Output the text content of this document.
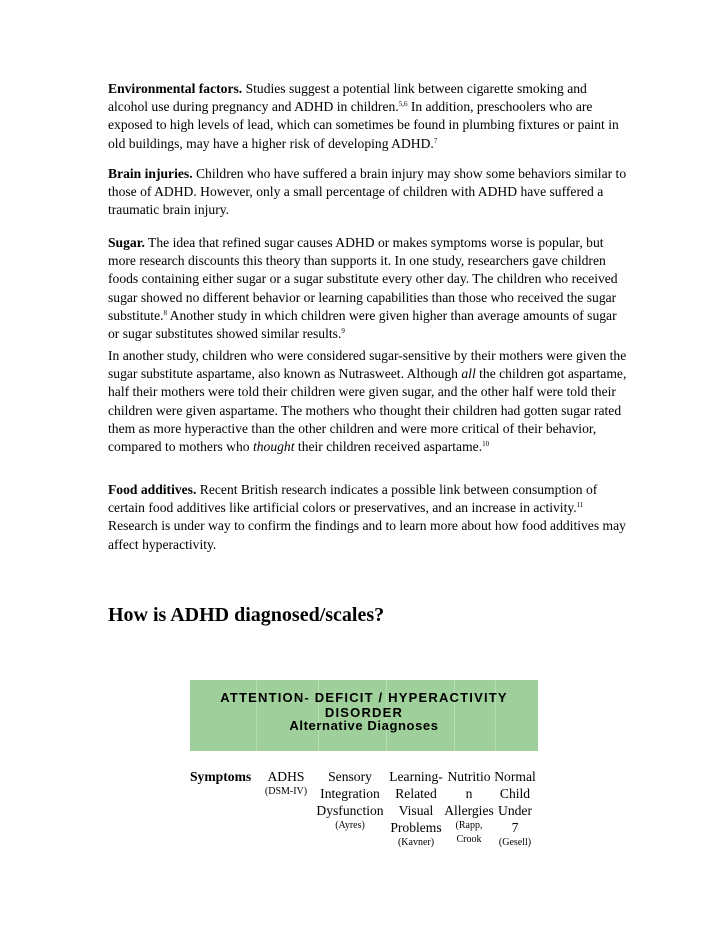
Environmental factors. Studies suggest a potential link between cigarette smoking and alcohol use during pregnancy and ADHD in children.$^{5,6}$ In addition, preschoolers who are exposed to high levels of lead, which can sometimes be found in plumbing fixtures or paint in old buildings, may have a higher risk of developing ADHD.$^7$

Brain injuries. Children who have suffered a brain injury may show some behaviors similar to those of ADHD. However, only a small percentage of children with ADHD have suffered a traumatic brain injury.

Sugar. The idea that refined sugar causes ADHD or makes symptoms worse is popular, but more research discounts this theory than supports it. In one study, researchers gave children foods containing either sugar or a sugar substitute every other day. The children who received sugar showed no different behavior or learning capabilities than those who received the sugar substitute.$^8$ Another study in which children were given higher than average amounts of sugar or sugar substitutes showed similar results.$^9$

In another study, children who were considered sugar-sensitive by their mothers were given the sugar substitute aspartame, also known as Nutrasweet. Although all the children got aspartame, half their mothers were told their children were given sugar, and the other half were told their children were given aspartame. The mothers who thought their children had gotten sugar rated them as more hyperactive than the other children and were more critical of their behavior, compared to mothers who thought their children received aspartame.$^{10}$

Food additives. Recent British research indicates a possible link between consumption of certain food additives like artificial colors or preservatives, and an increase in activity.$^{11}$ Research is under way to confirm the findings and to learn more about how food additives may affect hyperactivity.

How is ADHD diagnosed/scales?
ATTENTION- DEFICIT / HYPERACTIVITY
DISORDER
Alternative Diagnoses
Symptoms	ADHS
(DSM-IV)
Sensory
Integration
Dysfunction
(Ayres)
Learning-
Related
Visual
Problems
(Kavner)
Nutritio
n
Allergies
(Rapp,
Crook
Normal
Child
Under
7
(Gesell)
